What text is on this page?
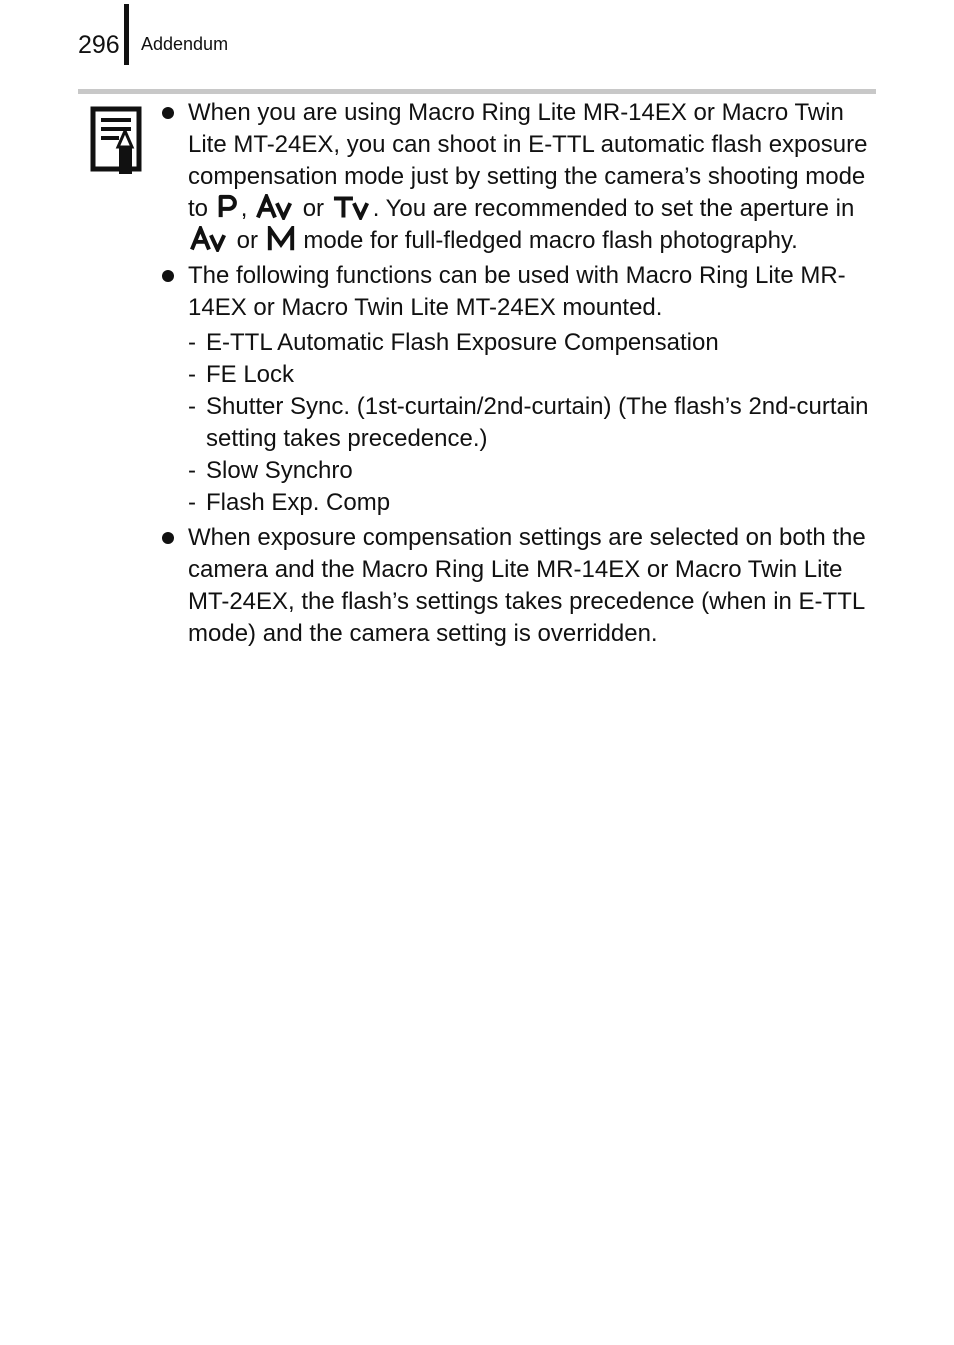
296 Addendum
When you are using Macro Ring Lite MR-14EX or Macro Twin Lite MT-24EX, you can shoot in E-TTL automatic flash exposure compensation mode just by setting the camera’s shooting mode to ,  or . You are recommended to set the aperture in  or  mode for full-fledged macro flash photography.
The following functions can be used with Macro Ring Lite MR-14EX or Macro Twin Lite MT-24EX mounted.
- E-TTL Automatic Flash Exposure Compensation
- FE Lock
- Shutter Sync. (1st-curtain/2nd-curtain) (The flash’s 2nd-curtain setting takes precedence.)
- Slow Synchro
- Flash Exp. Comp
When exposure compensation settings are selected on both the camera and the Macro Ring Lite MR-14EX or Macro Twin Lite MT-24EX, the flash’s settings takes precedence (when in E-TTL mode) and the camera setting is overridden.
